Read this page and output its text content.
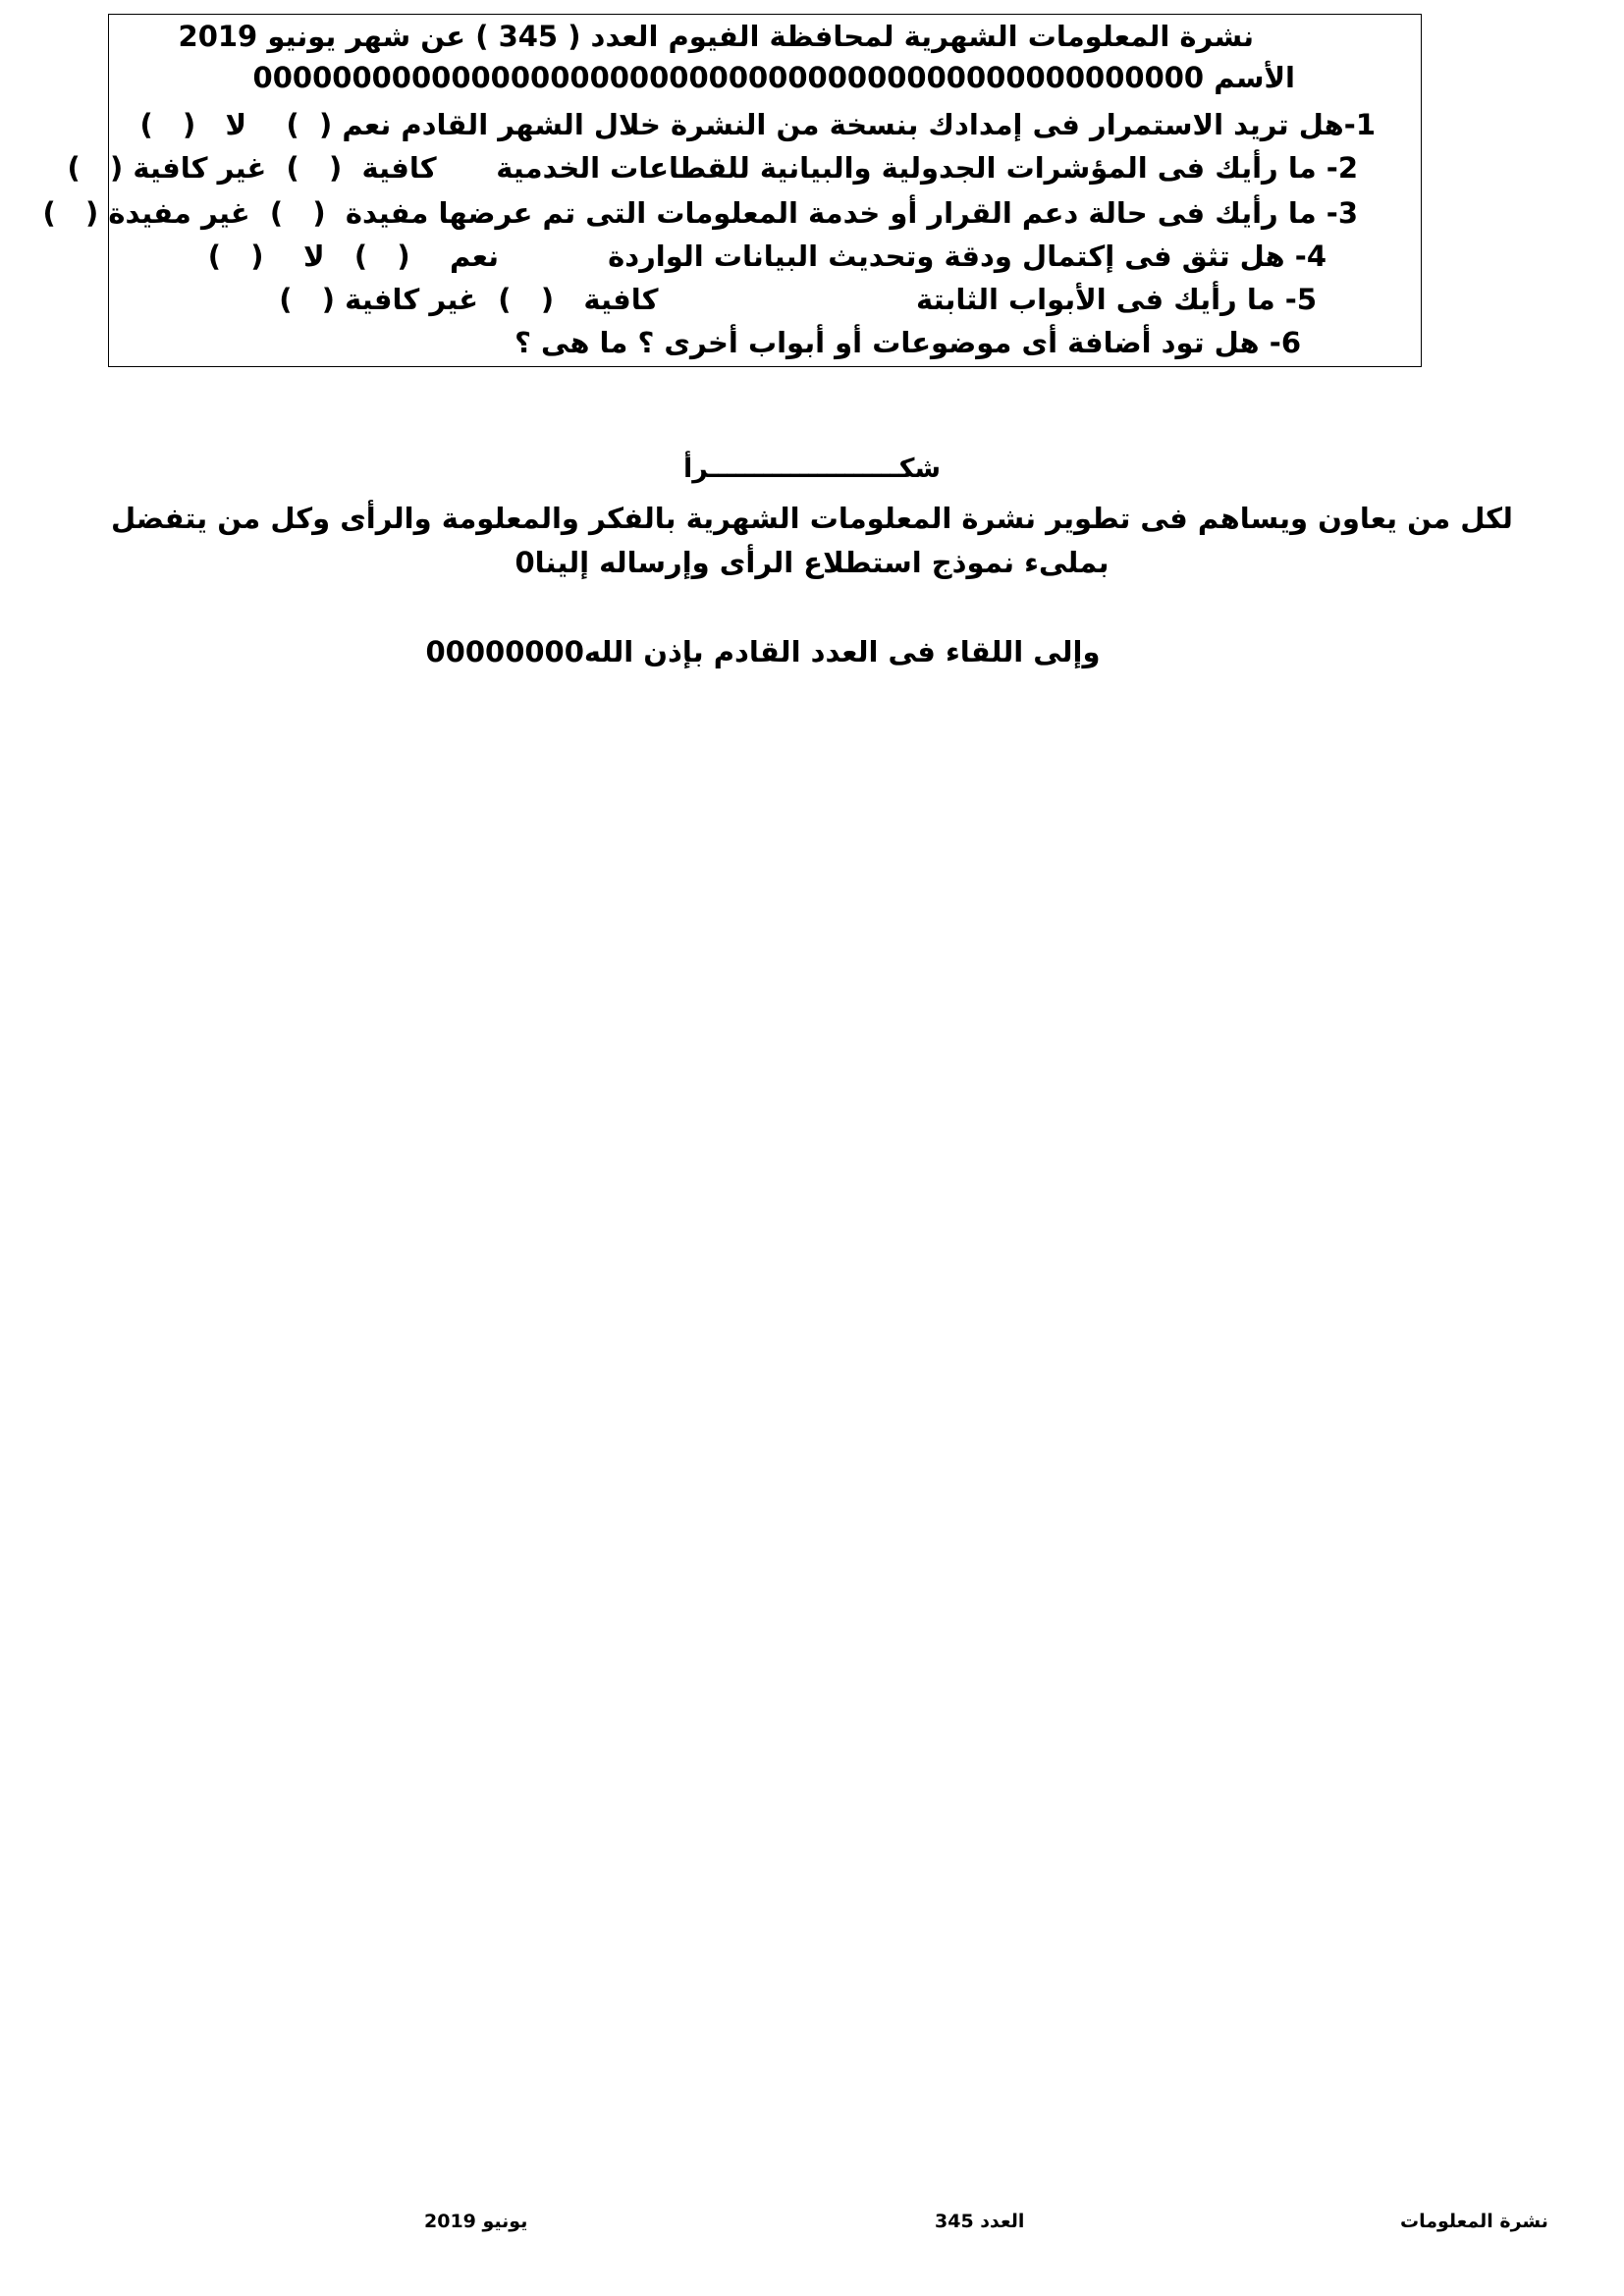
نشرة المعلومات الشهرية لمحافظة الفيوم العدد ( 345 ) عن شهر يونيو 2019
الأسم 000000000000000000000000000000000000000000000000
1-هل تريد الاستمرار فى إمدادك بنسخة من النشرة خلال الشهر القادم نعم (  )    لا   (   )
2- ما رأيك فى المؤشرات الجدولية والبيانية للقطاعات الخدمية      كافية  (   )  غير كافية (   )
3- ما رأيك فى حالة دعم القرار أو خدمة المعلومات التى تم عرضها مفيدة  (   )  غير مفيدة (   )
4- هل تثق فى إكتمال ودقة وتحديث البيانات الواردة           نعم    (   )   لا    (   )
5- ما رأيك فى الأبواب الثابتة                          كافية   (   )  غير كافية (   )
6- هل تود أضافة أى موضوعات أو أبواب أخرى ؟ ما هى ؟
شكـــــــــــــــــــــرأ
لكل من يعاون ويساهم فى تطوير نشرة المعلومات الشهرية بالفكر والمعلومة والرأى وكل من يتفضل
بملىء نموذج استطلاع الرأى وإرساله إلينا0
وإلى اللقاء فى العدد القادم بإذن الله00000000
يونيو 2019	العدد 345	نشرة المعلومات
